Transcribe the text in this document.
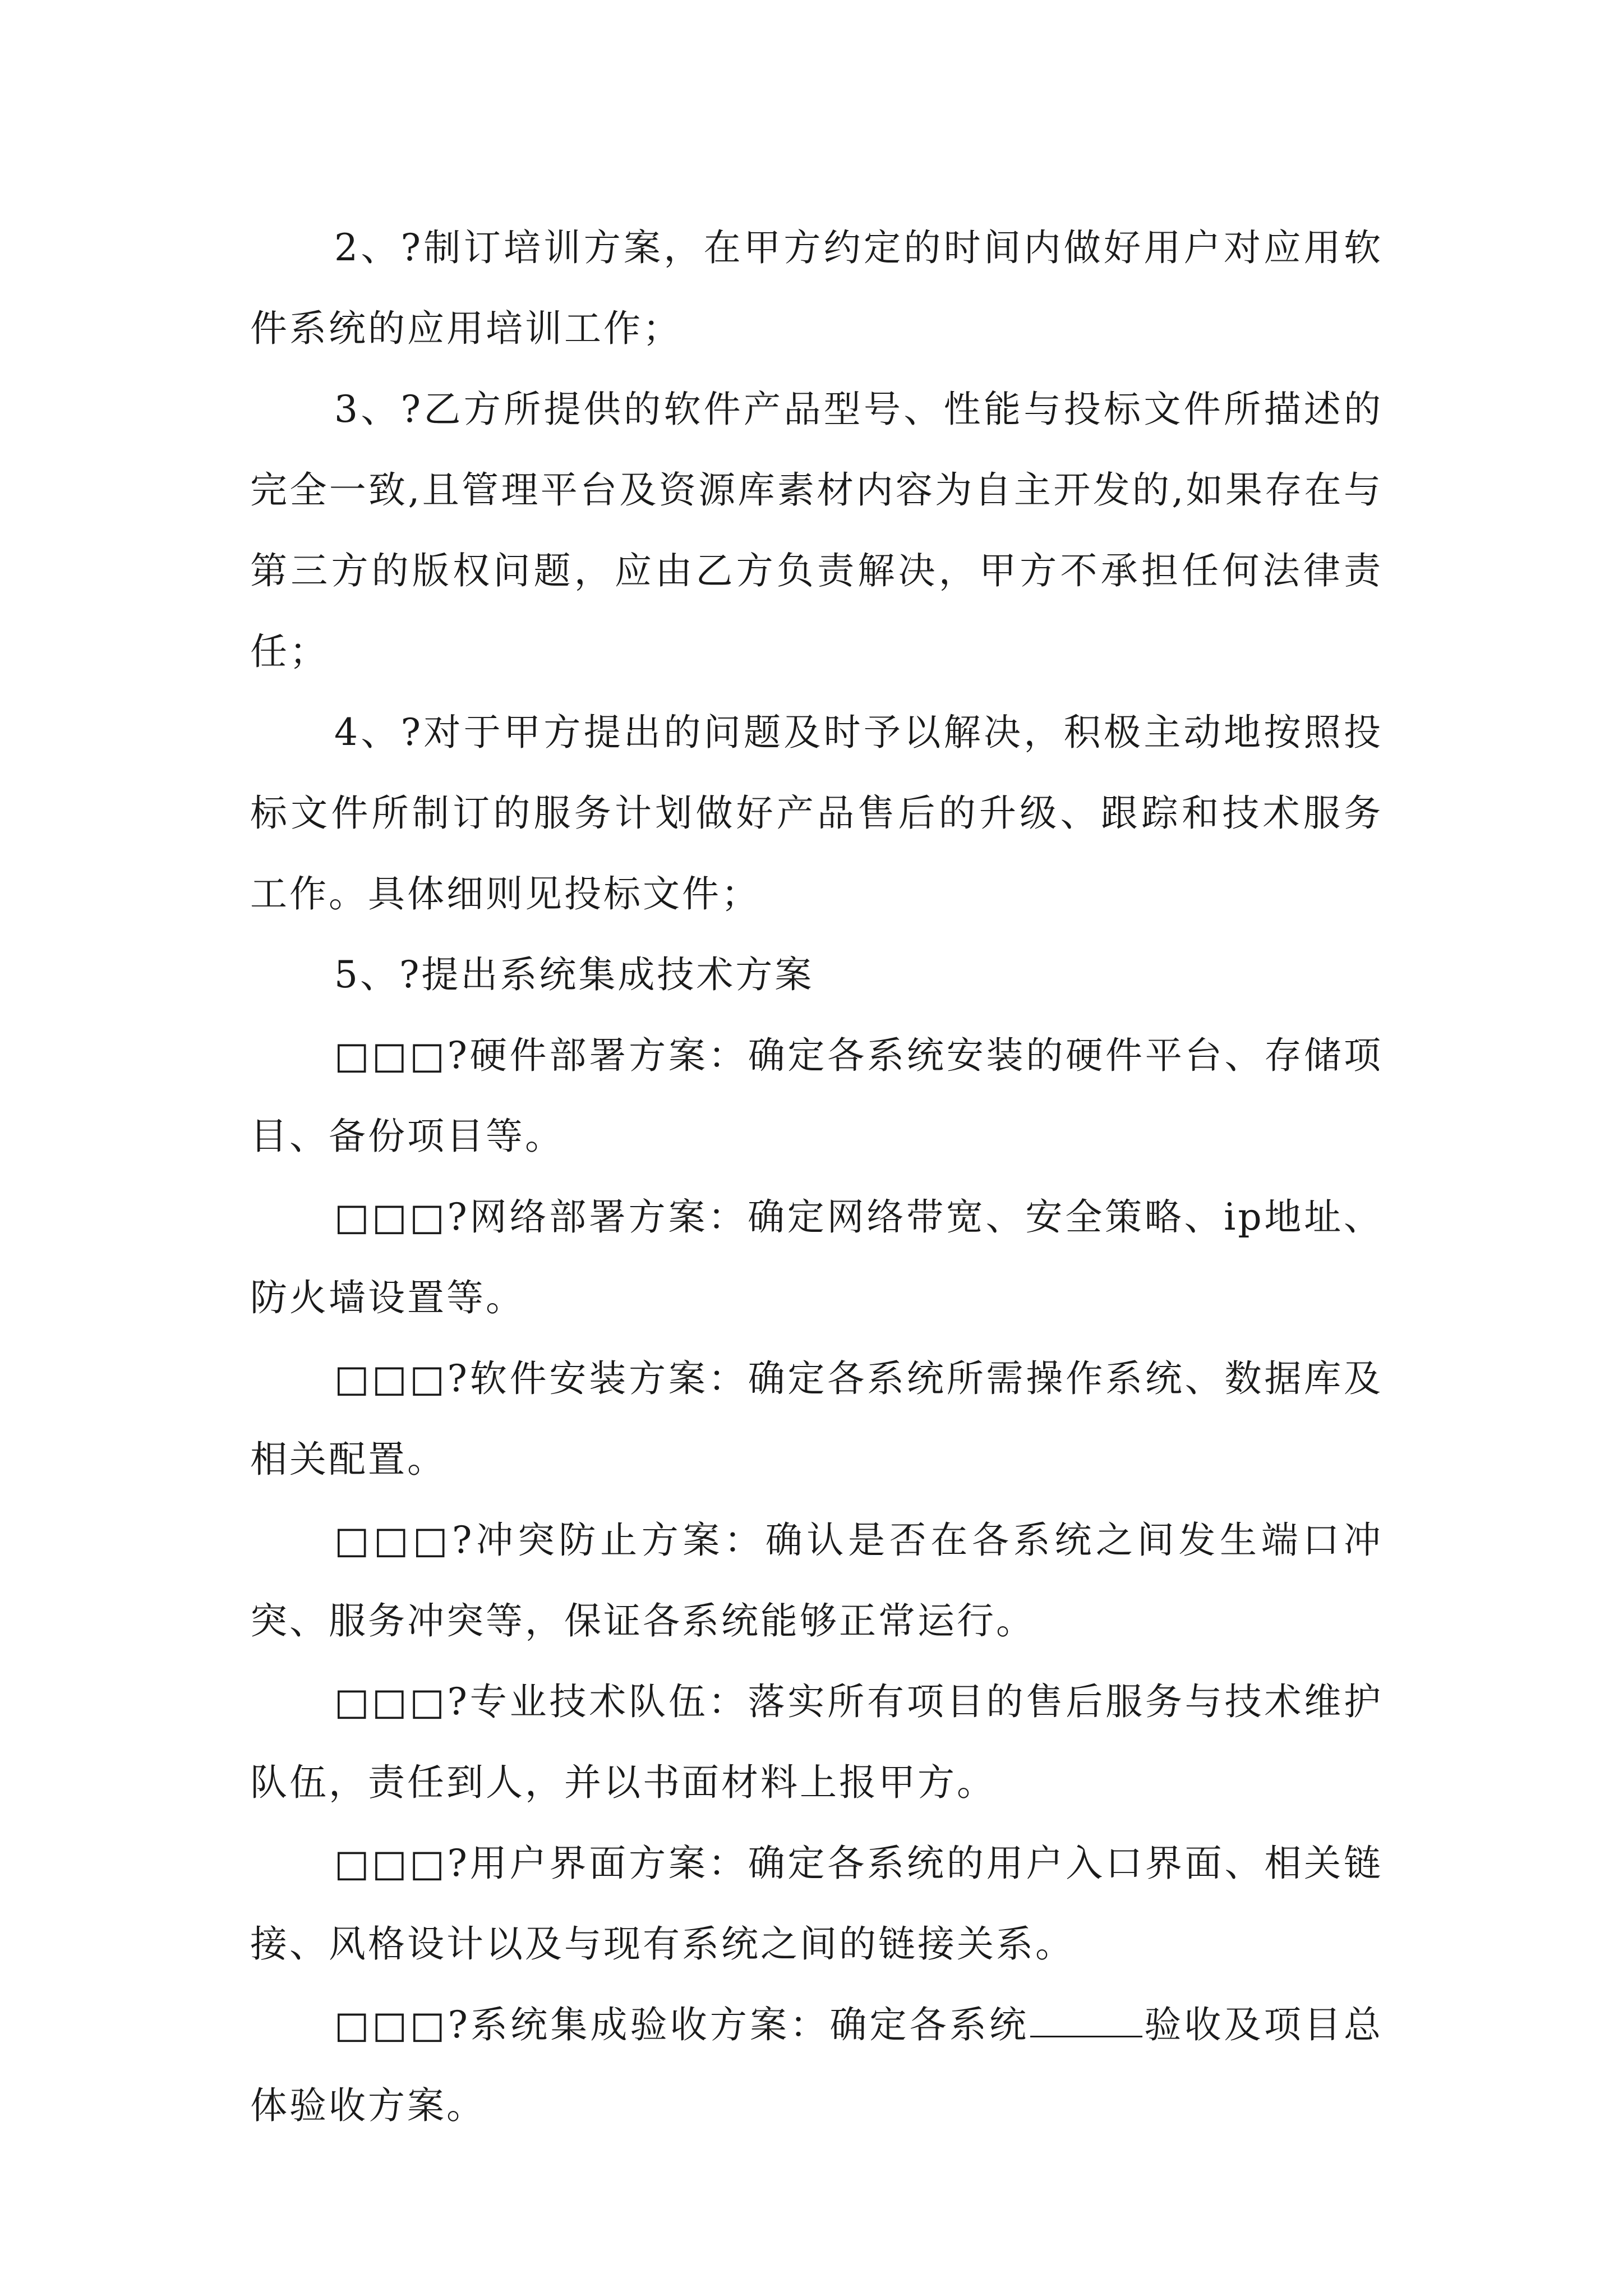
2、?制订培训方案，在甲方约定的时间内做好用户对应用软件系统的应用培训工作；

3、?乙方所提供的软件产品型号、性能与投标文件所描述的完全一致,且管理平台及资源库素材内容为自主开发的,如果存在与第三方的版权问题，应由乙方负责解决，甲方不承担任何法律责任；

4、?对于甲方提出的问题及时予以解决，积极主动地按照投标文件所制订的服务计划做好产品售后的升级、跟踪和技术服务工作。具体细则见投标文件；

5、?提出系统集成技术方案

□□□?硬件部署方案：确定各系统安装的硬件平台、存储项目、备份项目等。

□□□?网络部署方案：确定网络带宽、安全策略、ip地址、防火墙设置等。

□□□?软件安装方案：确定各系统所需操作系统、数据库及相关配置。

□□□?冲突防止方案：确认是否在各系统之间发生端口冲突、服务冲突等，保证各系统能够正常运行。

□□□?专业技术队伍：落实所有项目的售后服务与技术维护队伍，责任到人，并以书面材料上报甲方。

□□□?用户界面方案：确定各系统的用户入口界面、相关链接、风格设计以及与现有系统之间的链接关系。

□□□?系统集成验收方案：确定各系统	验收及项目总体验收方案。
